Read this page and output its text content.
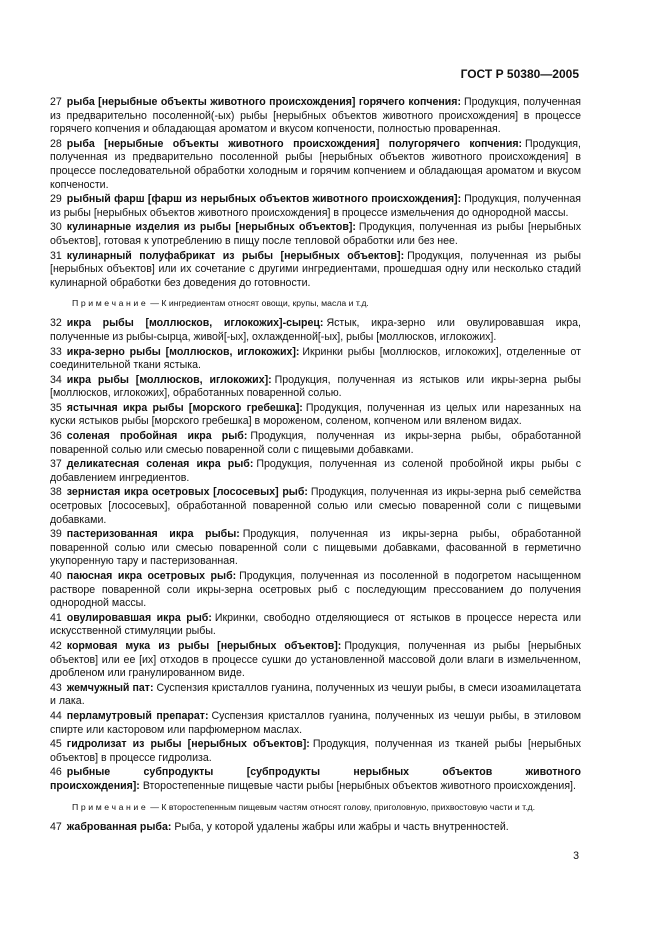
ГОСТ Р 50380—2005

27 рыба [нерыбные объекты животного происхождения] горячего копчения: Продукция, полученная из предварительно посоленной(-ых) рыбы [нерыбных объектов животного происхождения] в процессе горячего копчения и обладающая ароматом и вкусом копчености, полностью проваренная.

28 рыба [нерыбные объекты животного происхождения] полугорячего копчения: Продукция, полученная из предварительно посоленной рыбы [нерыбных объектов животного происхождения] в процессе последовательной обработки холодным и горячим копчением и обладающая ароматом и вкусом копчености.

29 рыбный фарш [фарш из нерыбных объектов животного происхождения]: Продукция, полученная из рыбы [нерыбных объектов животного происхождения] в процессе измельчения до однородной массы.

30 кулинарные изделия из рыбы [нерыбных объектов]: Продукция, полученная из рыбы [нерыбных объектов], готовая к употреблению в пищу после тепловой обработки или без нее.

31 кулинарный полуфабрикат из рыбы [нерыбных объектов]: Продукция, полученная из рыбы [нерыбных объектов] или их сочетание с другими ингредиентами, прошедшая одну или несколько стадий кулинарной обработки без доведения до готовности.

Примечание — К ингредиентам относят овощи, крупы, масла и т.д.

32 икра рыбы [моллюсков, иглокожих]-сырец: Ястык, икра-зерно или овулировавшая икра, полученные из рыбы-сырца, живой[-ых], охлажденной[-ых], рыбы [моллюсков, иглокожих].

33 икра-зерно рыбы [моллюсков, иглокожих]: Икринки рыбы [моллюсков, иглокожих], отделенные от соединительной ткани ястыка.

34 икра рыбы [моллюсков, иглокожих]: Продукция, полученная из ястыков или икры-зерна рыбы [моллюсков, иглокожих], обработанных поваренной солью.

35 ястычная икра рыбы [морского гребешка]: Продукция, полученная из целых или нарезанных на куски ястыков рыбы [морского гребешка] в мороженом, соленом, копченом или вяленом видах.

36 соленая пробойная икра рыб: Продукция, полученная из икры-зерна рыбы, обработанной поваренной солью или смесью поваренной соли с пищевыми добавками.

37 деликатесная соленая икра рыб: Продукция, полученная из соленой пробойной икры рыбы с добавлением ингредиентов.

38 зернистая икра осетровых [лососевых] рыб: Продукция, полученная из икры-зерна рыб семейства осетровых [лососевых], обработанной поваренной солью или смесью поваренной соли с пищевыми добавками.

39 пастеризованная икра рыбы: Продукция, полученная из икры-зерна рыбы, обработанной поваренной солью или смесью поваренной соли с пищевыми добавками, фасованной в герметично укупоренную тару и пастеризованная.

40 паюсная икра осетровых рыб: Продукция, полученная из посоленной в подогретом насыщенном растворе поваренной соли икры-зерна осетровых рыб с последующим прессованием до получения однородной массы.

41 овулировавшая икра рыб: Икринки, свободно отделяющиеся от ястыков в процессе нереста или искусственной стимуляции рыбы.

42 кормовая мука из рыбы [нерыбных объектов]: Продукция, полученная из рыбы [нерыбных объектов] или ее [их] отходов в процессе сушки до установленной массовой доли влаги в измельченном, дробленом или гранулированном виде.

43 жемчужный пат: Суспензия кристаллов гуанина, полученных из чешуи рыбы, в смеси изоамилацетата и лака.

44 перламутровый препарат: Суспензия кристаллов гуанина, полученных из чешуи рыбы, в этиловом спирте или касторовом или парфюмерном маслах.

45 гидролизат из рыбы [нерыбных объектов]: Продукция, полученная из тканей рыбы [нерыбных объектов] в процессе гидролиза.

46 рыбные субпродукты [субпродукты нерыбных объектов животного происхождения]: Второстепенные пищевые части рыбы [нерыбных объектов животного происхождения].

Примечание — К второстепенным пищевым частям относят голову, приголовную, прихвостовую части и т.д.

47 жаброванная рыба: Рыба, у которой удалены жабры или жабры и часть внутренностей.

3
